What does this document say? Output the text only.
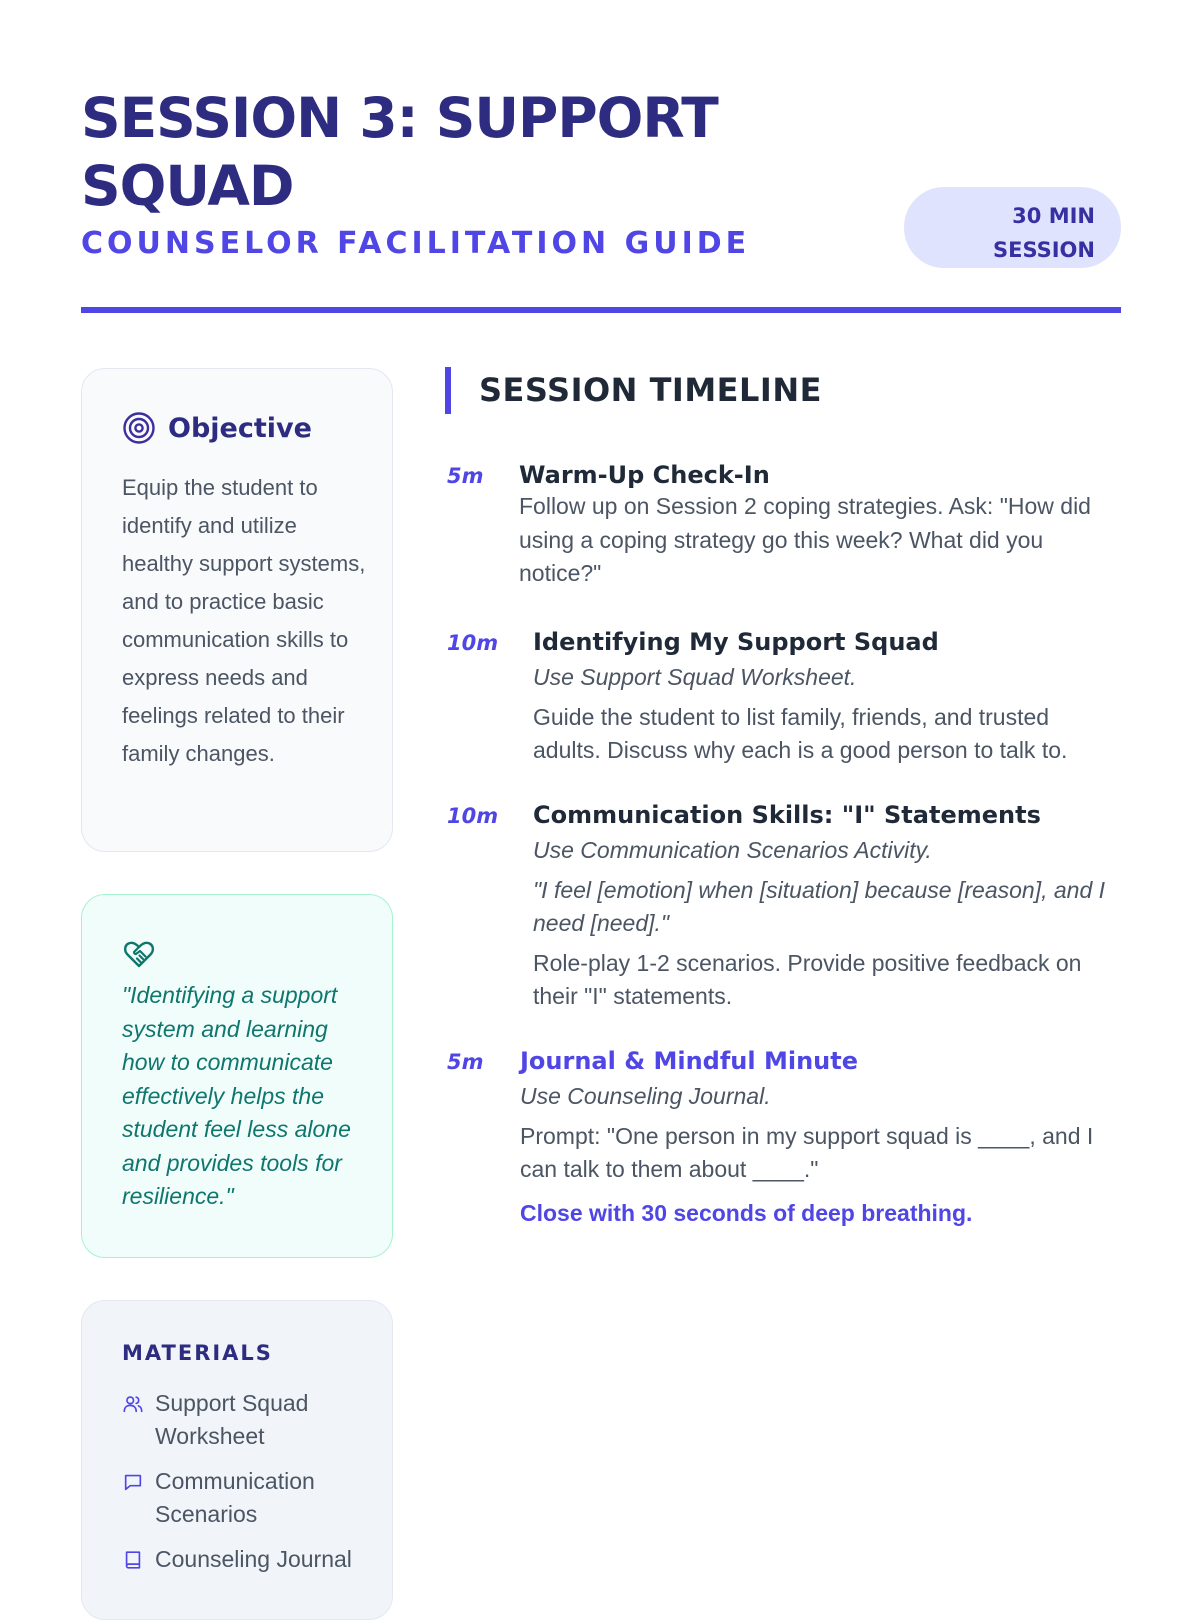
SESSION 3: SUPPORT SQUAD
COUNSELOR FACILITATION GUIDE
30 MIN
SESSION
Objective

Equip the student to identify and utilize healthy support systems, and to practice basic communication skills to express needs and feelings related to their family changes.

"Identifying a support system and learning how to communicate effectively helps the student feel less alone and provides tools for resilience."

MATERIALS
Support Squad Worksheet
Communication Scenarios
Counseling Journal
SESSION TIMELINE
5m Warm-Up Check-In

Follow up on Session 2 coping strategies. Ask: "How did using a coping strategy go this week? What did you notice?"

10m Identifying My Support Squad

Use Support Squad Worksheet.

Guide the student to list family, friends, and trusted adults. Discuss why each is a good person to talk to.

10m Communication Skills: "I" Statements

Use Communication Scenarios Activity.

"I feel [emotion] when [situation] because [reason], and I need [need]."

Role-play 1-2 scenarios. Provide positive feedback on their "I" statements.

5m Journal & Mindful Minute

Use Counseling Journal.

Prompt: "One person in my support squad is ____, and I can talk to them about ____."

Close with 30 seconds of deep breathing.
